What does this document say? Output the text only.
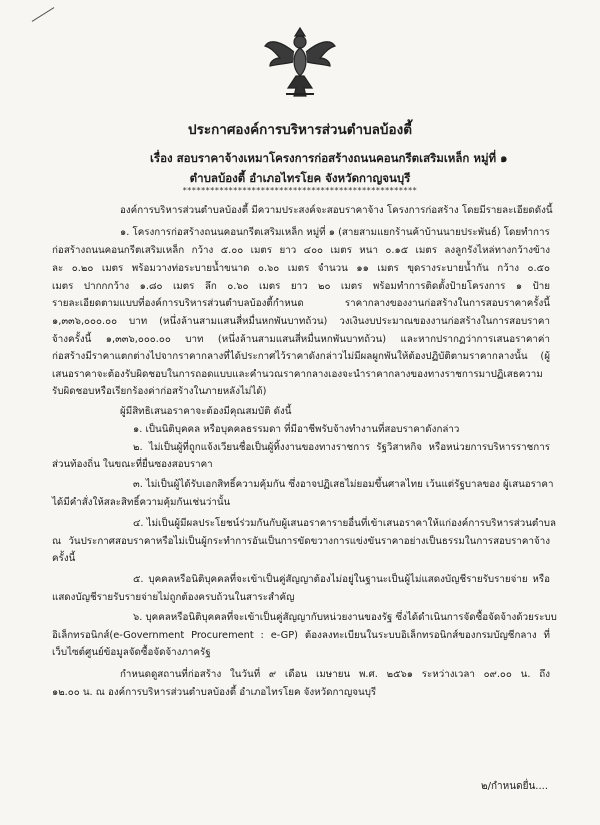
ประกาศองค์การบริหารส่วนตำบลบ้องตี้
เรื่อง สอบราคาจ้างเหมาโครงการก่อสร้างถนนคอนกรีตเสริมเหล็ก หมู่ที่ ๑
ตำบลบ้องตี้ อำเภอไทรโยค จังหวัดกาญจนบุรี
***************************************************
องค์การบริหารส่วนตำบลบ้องตี้ มีความประสงค์จะสอบราคาจ้าง โครงการก่อสร้าง โดยมีรายละเอียดดังนี้
๑. โครงการก่อสร้างถนนคอนกรีตเสริมเหล็ก หมู่ที่ ๑ (สายสามแยกร้านค้าบ้านนายประพันธ์) โดยทำการ
ก่อสร้างถนนคอนกรีตเสริมเหล็ก กว้าง ๕.๐๐ เมตร ยาว ๔๐๐ เมตร หนา ๐.๑๕ เมตร ลงลูกรังไหล่ทางกว้างข้าง
ละ ๐.๒๐ เมตร พร้อมวางท่อระบายน้ำขนาด ๐.๖๐ เมตร จำนวน ๑๑ เมตร ขุดรางระบายน้ำกัน กว้าง ๐.๕๐
เมตร ปากกกว้าง ๑.๘๐ เมตร ลึก ๐.๖๐ เมตร ยาว ๒๐ เมตร พร้อมทำการติดตั้งป้ายโครงการ ๑ ป้าย
รายละเอียดตามแบบที่องค์การบริหารส่วนตำบลบ้องตี้กำหนด ราคากลางของงานก่อสร้างในการสอบราคาครั้งนี้
๑,๓๓๖,๐๐๐.๐๐ บาท (หนึ่งล้านสามแสนสี่หมื่นหกพันบาทถ้วน) วงเงินงบประมาณของงานก่อสร้างในการสอบราคา
จ้างครั้งนี้ ๑,๓๓๖,๐๐๐.๐๐ บาท (หนึ่งล้านสามแสนสี่หมื่นหกพันบาทถ้วน) และหากปรากฏว่าการเสนอราคาค่า
ก่อสร้างมีราคาแตกต่างไปจากราคากลางที่ได้ประกาศไว้ราคาดังกล่าวไม่มีผลผูกพันให้ต้องปฏิบัติตามราคากลางนั้น (ผู้
เสนอราคาจะต้องรับผิดชอบในการถอดแบบและคำนวณราคากลางเองจะนำราคากลางของทางราชการมาปฏิเสธความ
รับผิดชอบหรือเรียกร้องค่าก่อสร้างในภายหลังไม่ได้)
ผู้มีสิทธิเสนอราคาจะต้องมีคุณสมบัติ ดังนี้
๑. เป็นนิติบุคคล หรือบุคคลธรรมดา ที่มีอาชีพรับจ้างทำงานที่สอบราคาดังกล่าว
๒. ไม่เป็นผู้ที่ถูกแจ้งเวียนชื่อเป็นผู้ทิ้งงานของทางราชการ รัฐวิสาหกิจ หรือหน่วยการบริหารราชการ
ส่วนท้องถิ่น ในขณะที่ยื่นซองสอบราคา
๓. ไม่เป็นผู้ได้รับเอกสิทธิ์ความคุ้มกัน ซึ่งอาจปฏิเสธไม่ยอมขึ้นศาลไทย เว้นแต่รัฐบาลของ ผู้เสนอราคา
ได้มีคำสั่งให้สละสิทธิ์ความคุ้มกันเช่นว่านั้น
๔. ไม่เป็นผู้มีผลประโยชน์ร่วมกันกับผู้เสนอราคารายอื่นที่เข้าเสนอราคาให้แก่องค์การบริหารส่วนตำบล
ณ วันประกาศสอบราคาหรือไม่เป็นผู้กระทำการอันเป็นการขัดขวางการแข่งขันราคาอย่างเป็นธรรมในการสอบราคาจ้าง
ครั้งนี้
๕. บุคคลหรือนิติบุคคลที่จะเข้าเป็นคู่สัญญาต้องไม่อยู่ในฐานะเป็นผู้ไม่แสดงบัญชีรายรับรายจ่าย หรือ
แสดงบัญชีรายรับรายจ่ายไม่ถูกต้องครบถ้วนในสาระสำคัญ
๖. บุคคลหรือนิติบุคคลที่จะเข้าเป็นคู่สัญญากับหน่วยงานของรัฐ ซึ่งได้ดำเนินการจัดซื้อจัดจ้างด้วยระบบ
อิเล็กทรอนิกส์(e-Government Procurement : e-GP) ต้องลงทะเบียนในระบบอิเล็กทรอนิกส์ของกรมบัญชีกลาง ที่
เว็บไซต์ศูนย์ข้อมูลจัดซื้อจัดจ้างภาครัฐ
กำหนดดูสถานที่ก่อสร้าง ในวันที่ ๙ เดือน เมษายน พ.ศ. ๒๕๖๑ ระหว่างเวลา ๐๙.๐๐ น. ถึง
๑๒.๐๐ น. ณ องค์การบริหารส่วนตำบลบ้องตี้ อำเภอไทรโยค จังหวัดกาญจนบุรี
๒/กำหนดยื่น....
